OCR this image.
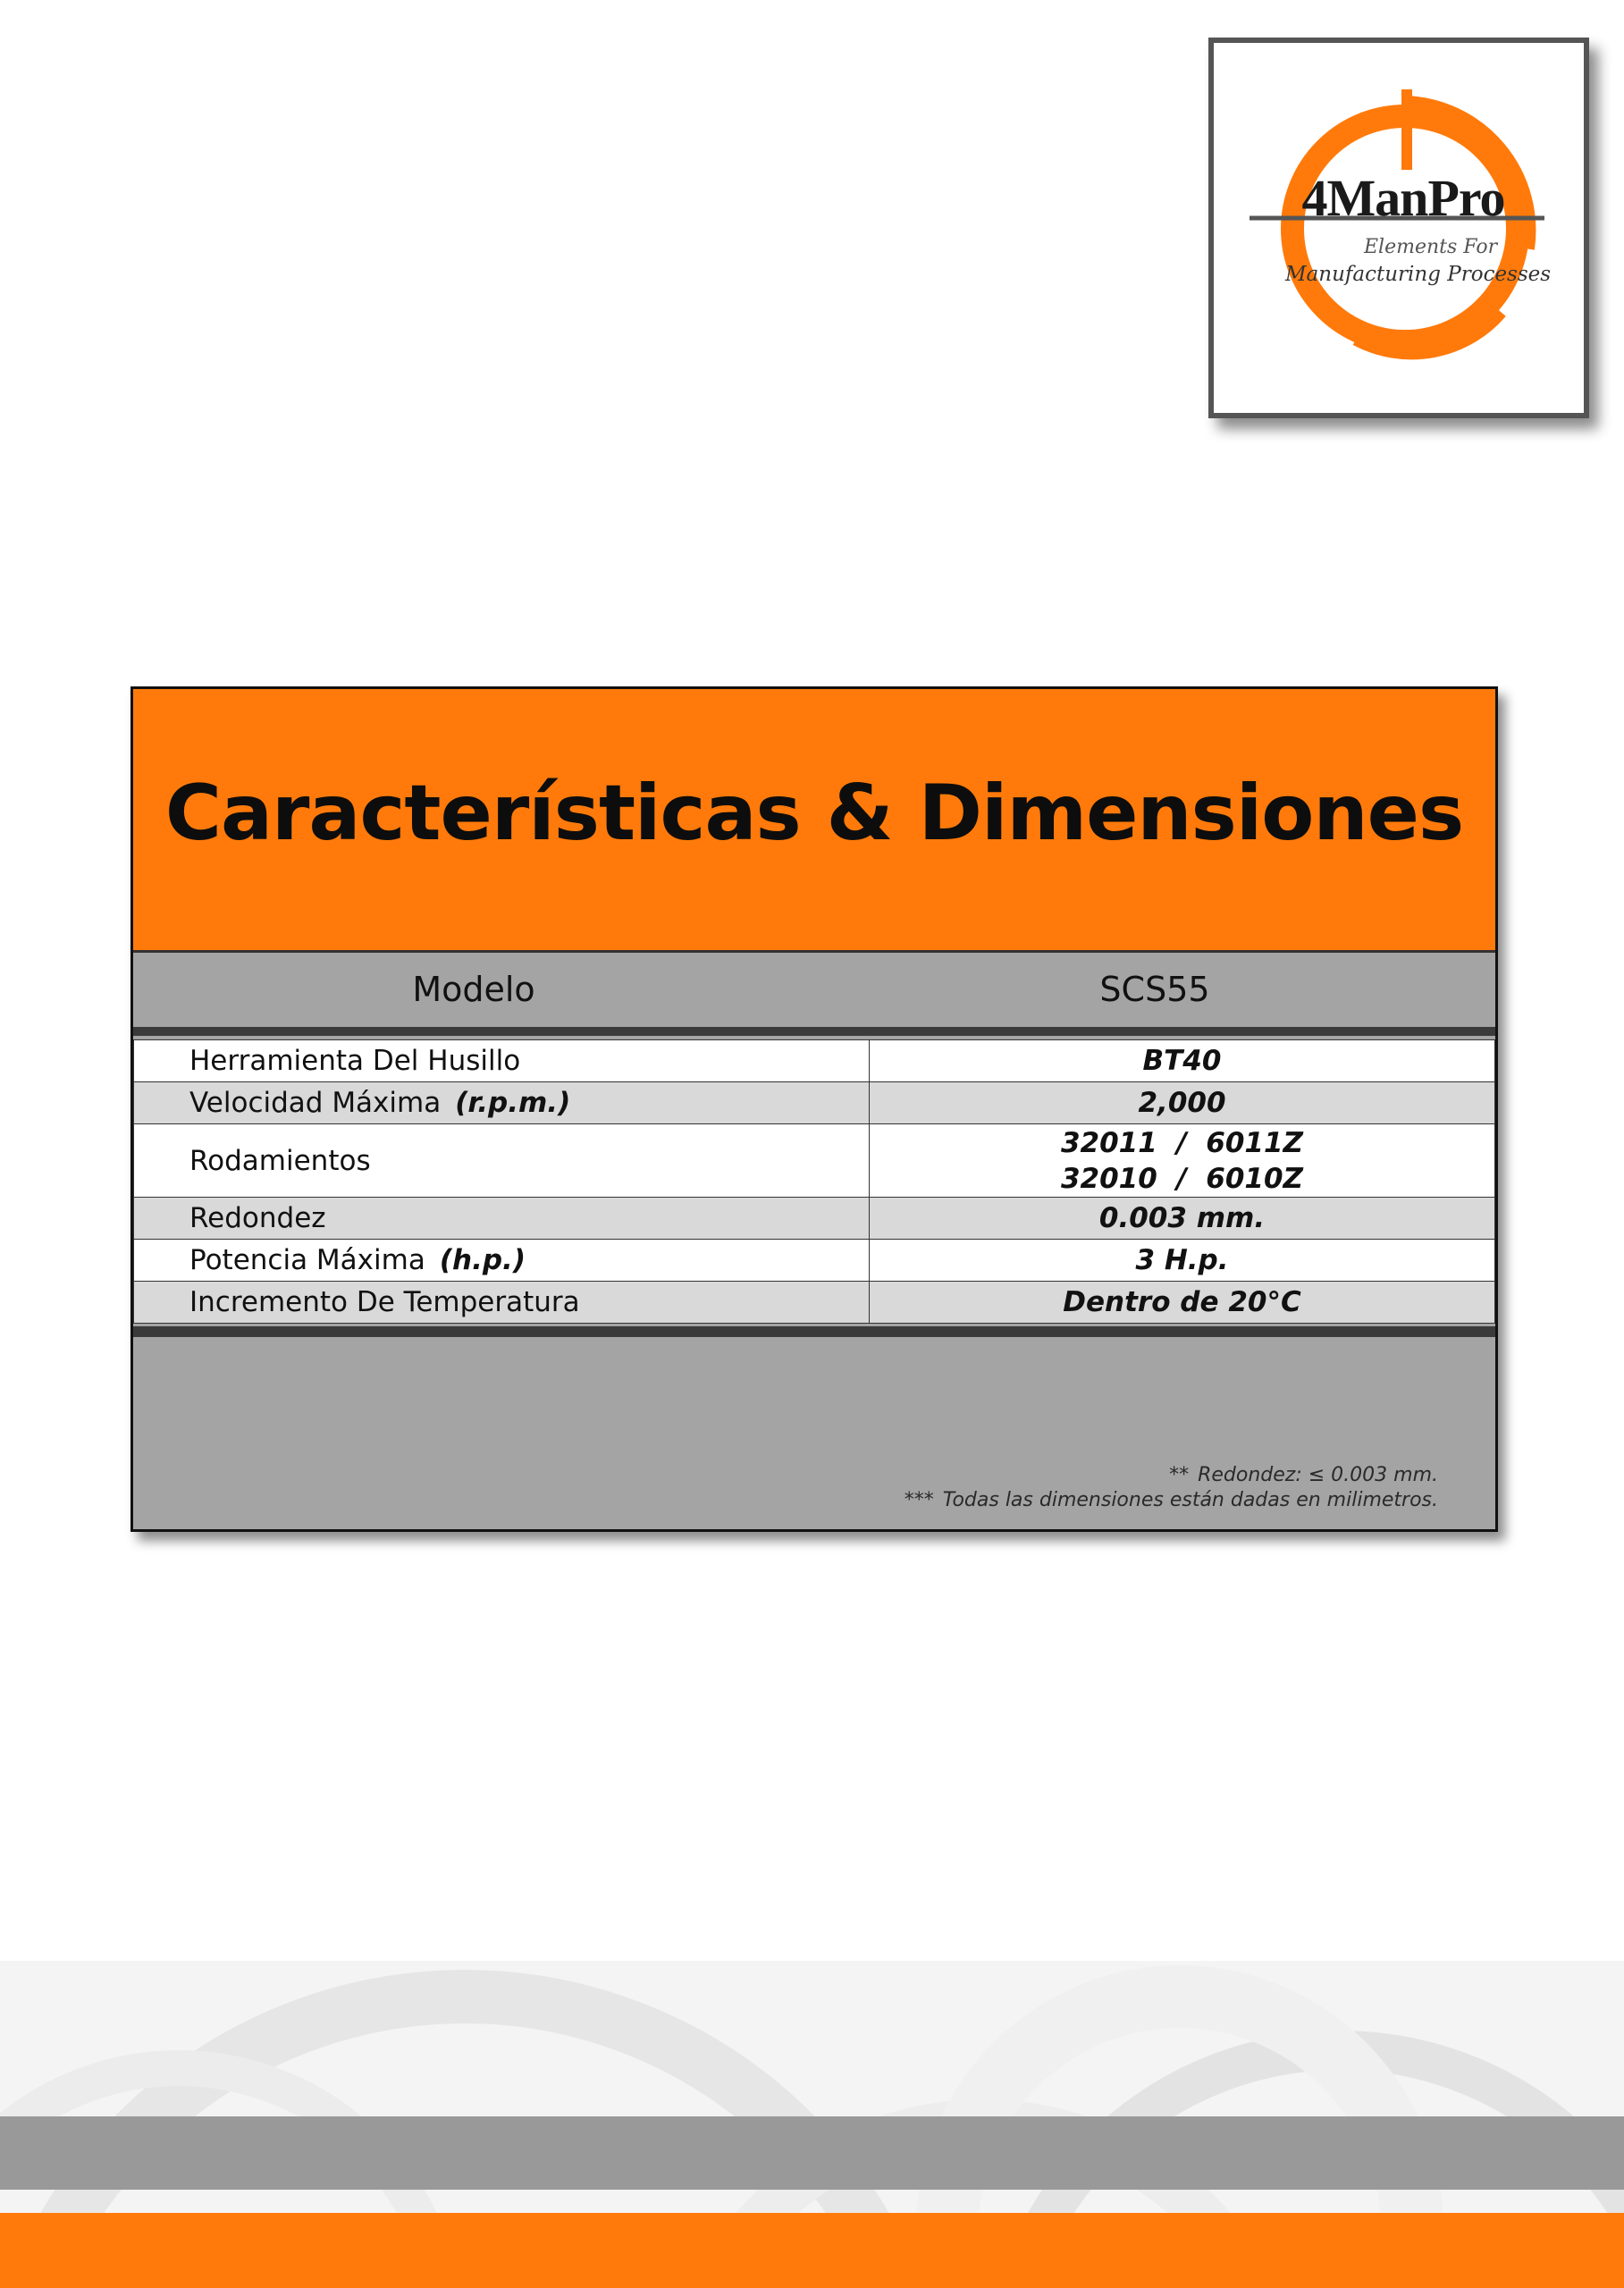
4ManPro
Elements For
Manufacturing Processes
Características & Dimensiones
Modelo	SCS55
Herramienta Del Husillo	BT40
Velocidad Máxima (r.p.m.)	2,000
Rodamientos	32011  /  6011Z
32010  /  6010Z

Redondez	0.003 mm.
Potencia Máxima (h.p.)	3 H.p.
Incremento De Temperatura	Dentro de 20°C
** Redondez: ≤ 0.003 mm.
*** Todas las dimensiones están dadas en milimetros.
